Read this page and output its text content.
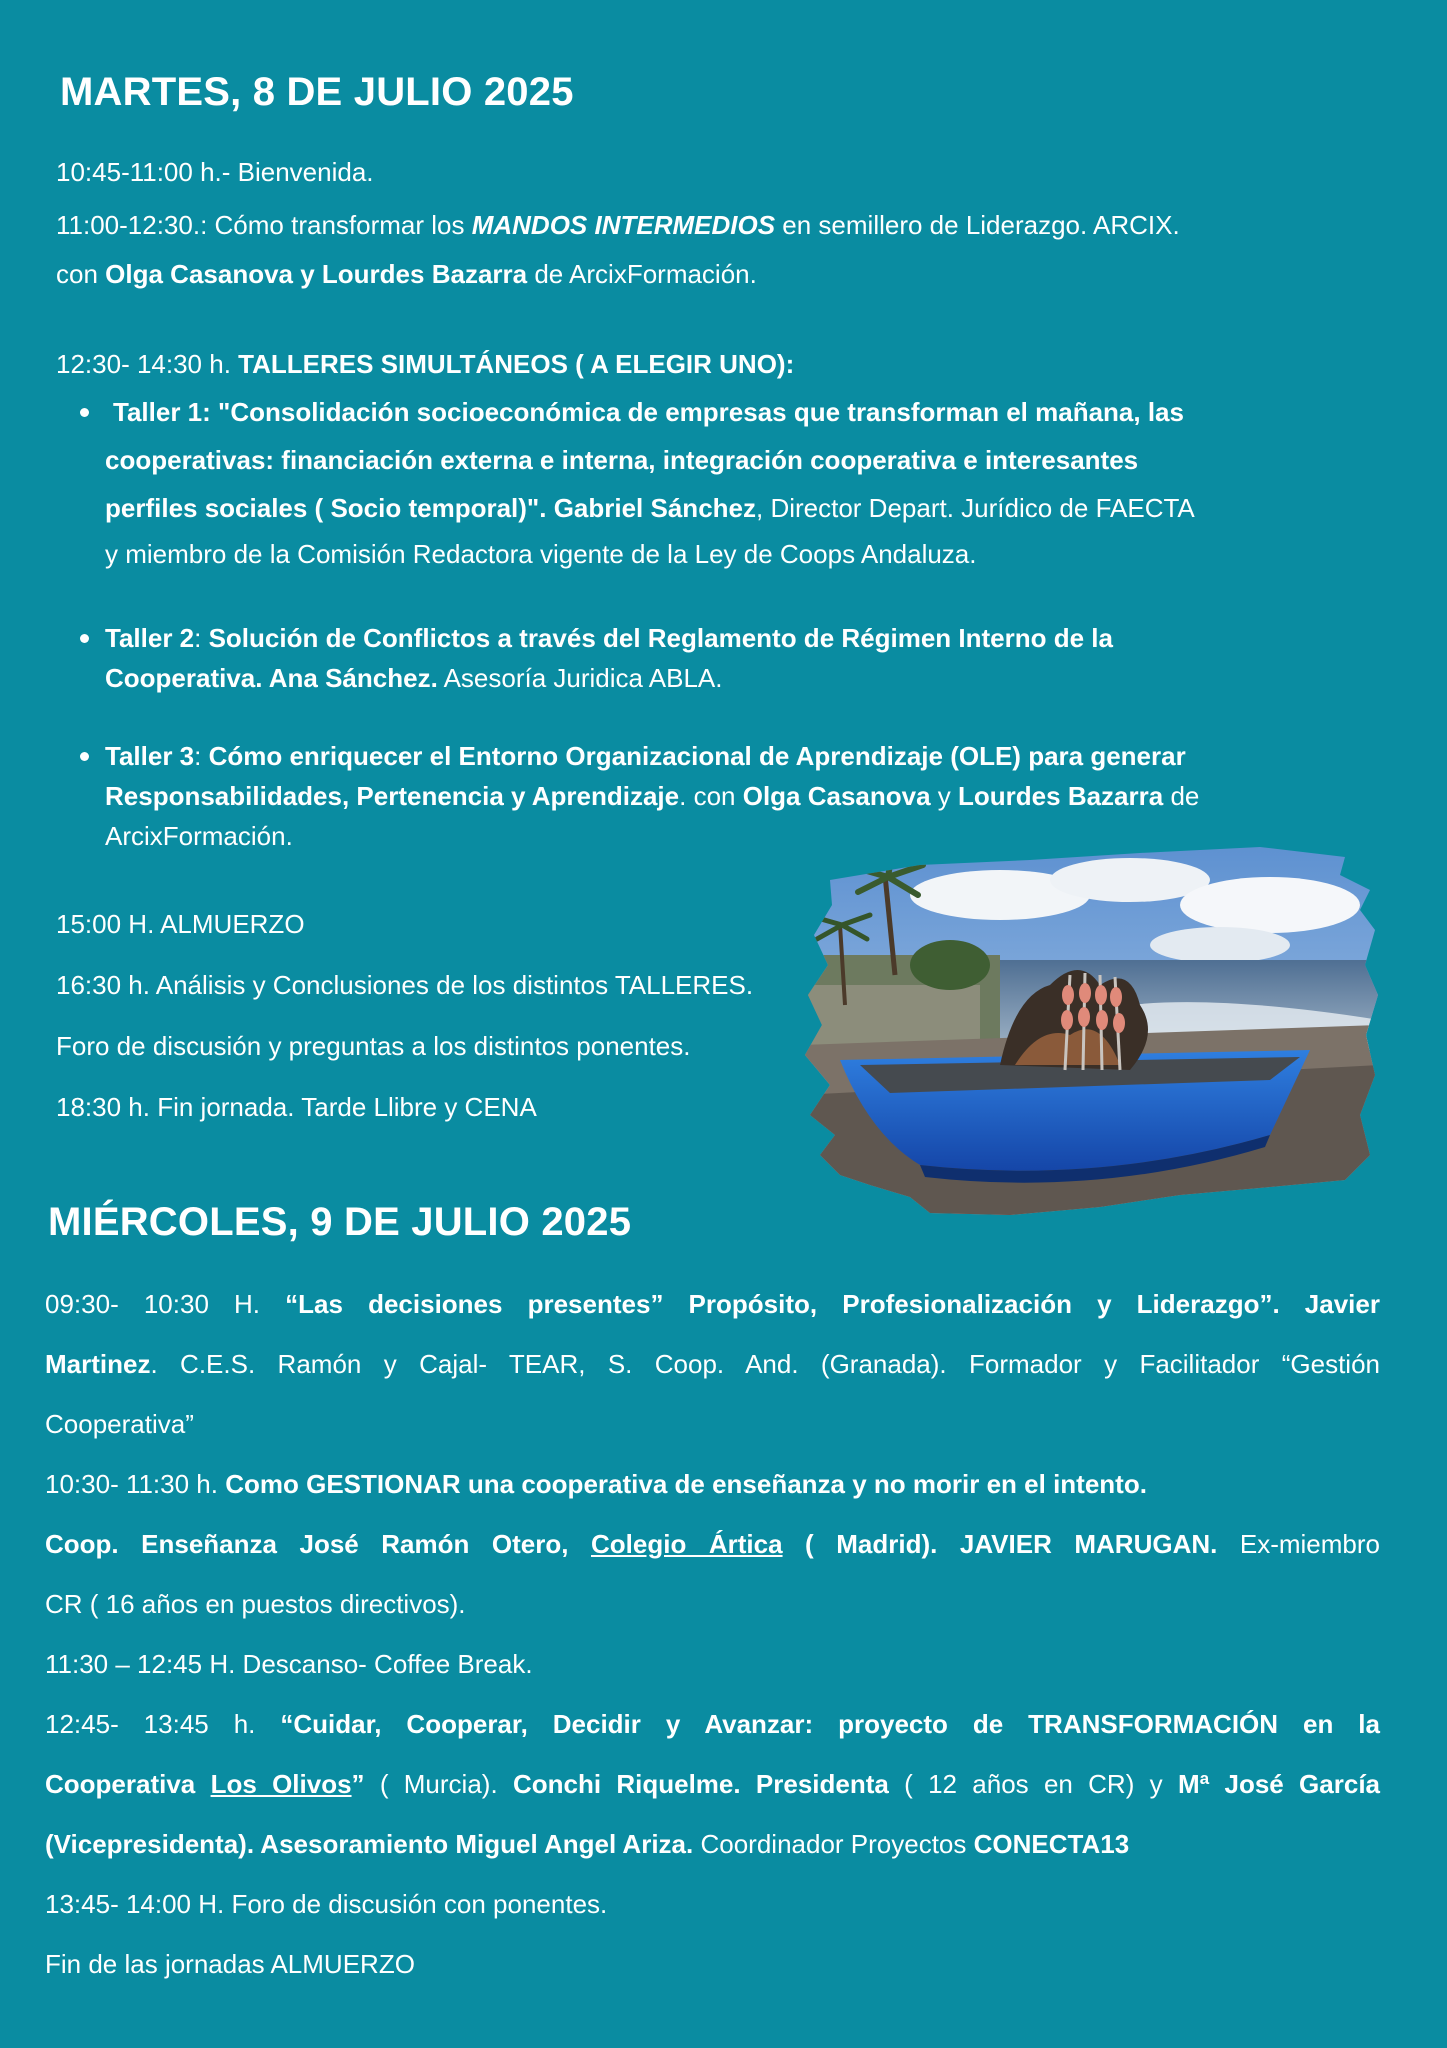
MARTES, 8 DE JULIO 2025
10:45-11:00 h.- Bienvenida.
11:00-12:30.: Cómo transformar los MANDOS INTERMEDIOS en semillero de Liderazgo. ARCIX.
con Olga Casanova y Lourdes Bazarra de ArcixFormación.
12:30- 14:30 h. TALLERES SIMULTÁNEOS ( A ELEGIR UNO):
Taller 1: "Consolidación socioeconómica de empresas que transforman el mañana, las
cooperativas: financiación externa e interna, integración cooperativa e interesantes
perfiles sociales ( Socio temporal)". Gabriel Sánchez, Director Depart. Jurídico de FAECTA
y miembro de la Comisión Redactora vigente de la Ley de Coops Andaluza.
Taller 2: Solución de Conflictos a través del Reglamento de Régimen Interno de la
Cooperativa. Ana Sánchez. Asesoría Juridica ABLA.
Taller 3: Cómo enriquecer el Entorno Organizacional de Aprendizaje (OLE) para generar
Responsabilidades, Pertenencia y Aprendizaje. con Olga Casanova y Lourdes Bazarra de
ArcixFormación.
15:00 H. ALMUERZO
16:30 h. Análisis y Conclusiones de los distintos TALLERES.
Foro de discusión y preguntas a los distintos ponentes.
18:30 h. Fin jornada. Tarde Llibre y CENA
MIÉRCOLES, 9 DE JULIO 2025
09:30- 10:30 H. “Las decisiones presentes” Propósito, Profesionalización y Liderazgo”. Javier
Martinez. C.E.S. Ramón y Cajal- TEAR, S. Coop. And. (Granada). Formador y Facilitador “Gestión
Cooperativa”
10:30- 11:30 h. Como GESTIONAR una cooperativa de enseñanza y no morir en el intento.
Coop. Enseñanza José Ramón Otero, Colegio Ártica ( Madrid). JAVIER MARUGAN. Ex-miembro
CR ( 16 años en puestos directivos).
11:30 – 12:45 H. Descanso- Coffee Break.
12:45- 13:45 h. “Cuidar, Cooperar, Decidir y Avanzar: proyecto de TRANSFORMACIÓN en la
Cooperativa Los Olivos” ( Murcia). Conchi Riquelme. Presidenta ( 12 años en CR) y Mª José García
(Vicepresidenta). Asesoramiento Miguel Angel Ariza. Coordinador Proyectos CONECTA13
13:45- 14:00 H. Foro de discusión con ponentes.
Fin de las jornadas ALMUERZO
